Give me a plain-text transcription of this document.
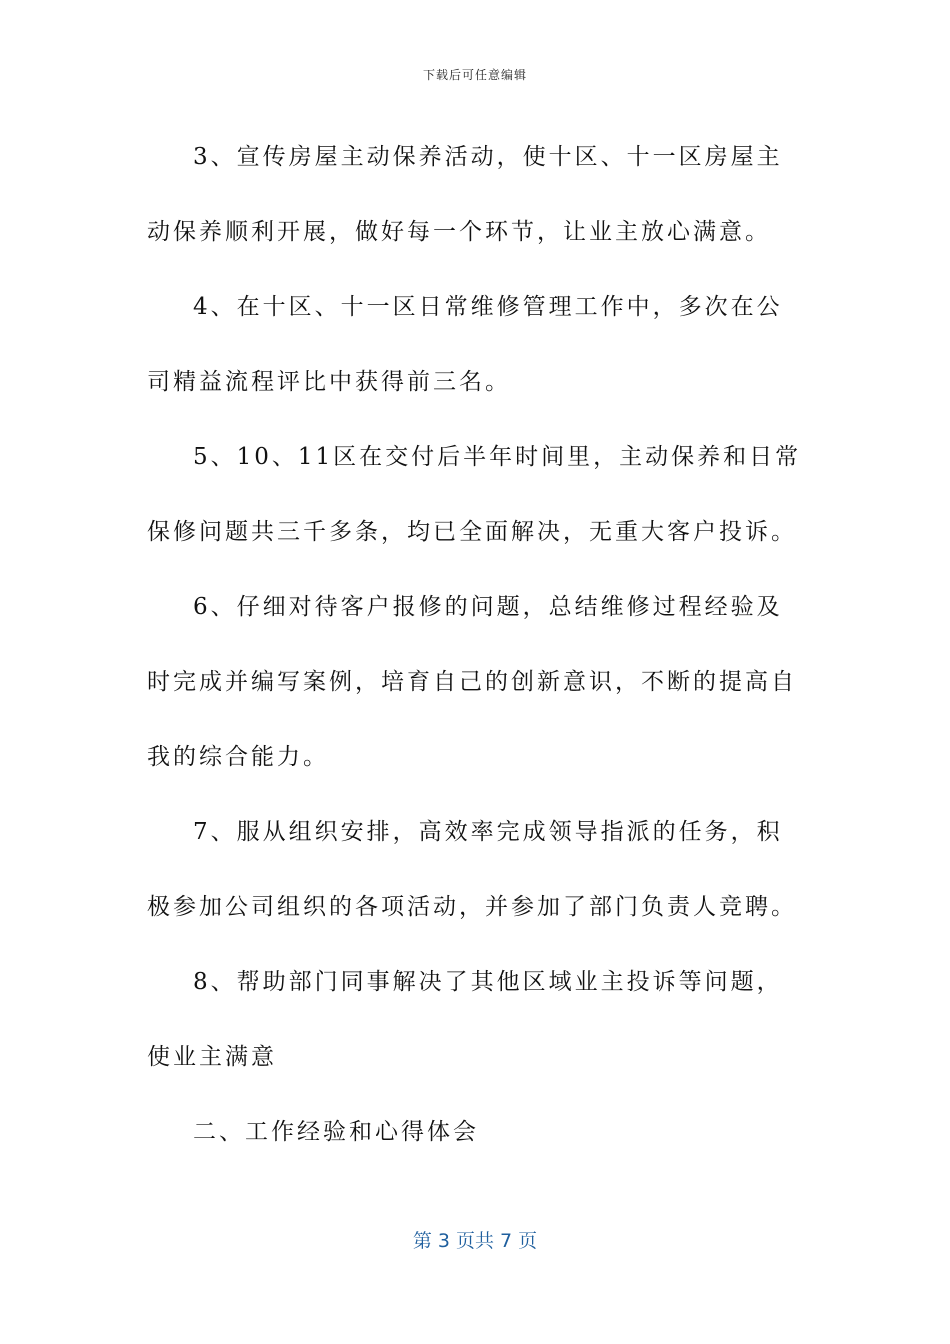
下载后可任意编辑

3、宣传房屋主动保养活动，使十区、十一区房屋主动保养顺利开展，做好每一个环节，让业主放心满意。

4、在十区、十一区日常维修管理工作中，多次在公司精益流程评比中获得前三名。

5、10、11区在交付后半年时间里，主动保养和日常保修问题共三千多条，均已全面解决，无重大客户投诉。

6、仔细对待客户报修的问题，总结维修过程经验及时完成并编写案例，培育自己的创新意识，不断的提高自我的综合能力。

7、服从组织安排，高效率完成领导指派的任务，积极参加公司组织的各项活动，并参加了部门负责人竞聘。

8、帮助部门同事解决了其他区域业主投诉等问题，使业主满意

二、工作经验和心得体会

第 3 页共 7 页
